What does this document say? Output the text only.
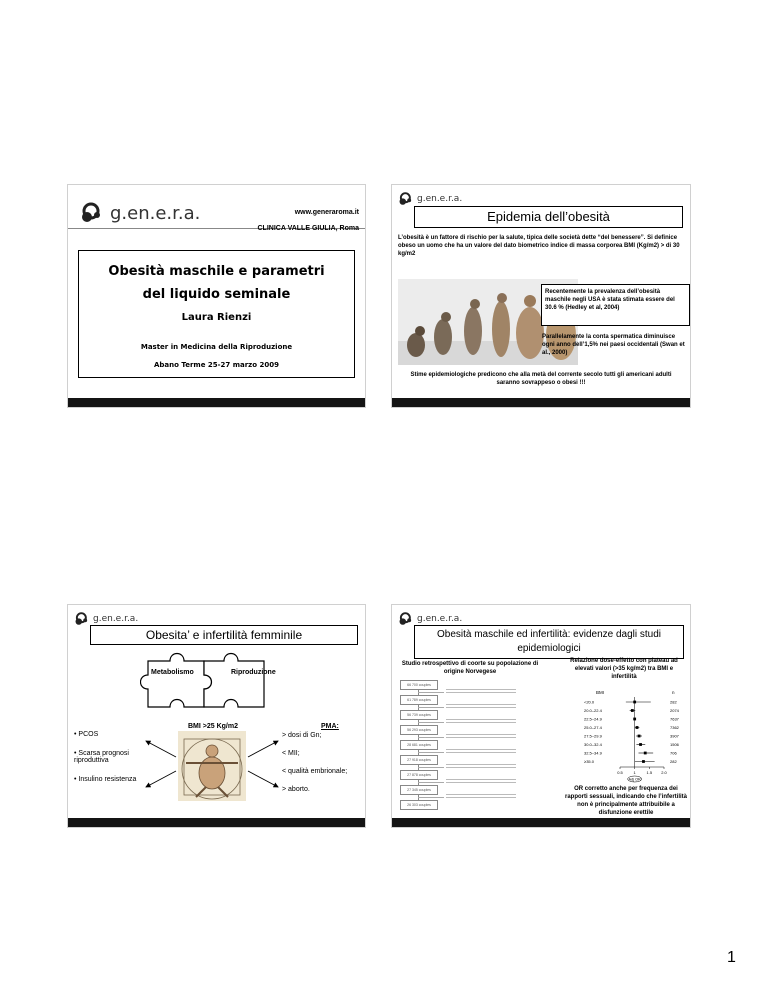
g.en.e.r.a.	www.generaroma.it
CLINICA VALLE GIULIA, Roma
Obesità maschile e parametri
del liquido seminale
Laura Rienzi
Master in Medicina della Riproduzione
Abano Terme 25-27 marzo 2009
g.en.e.r.a.
Epidemia dell’obesità
L’obesità è un fattore di rischio per la salute, tipica delle società dette “del benessere”. Si definice obeso un uomo che ha un valore del dato biometrico indice di massa corporea BMI (Kg/m2) > di 30 kg/m2
Recentemente la prevalenza dell’obesità maschile negli USA è stata stimata essere del 30.6 % (Hedley et al, 2004)
Parallelamente la conta spermatica diminuisce ogni anno dell’1,5% nei paesi occidentali (Swan et al., 2000)
Stime epidemiologiche predicono che alla metà del corrente secolo tutti gli americani adulti saranno sovrappeso o obesi !!!
g.en.e.r.a.
Obesita’ e infertilità femminile
Metabolismo	Riproduzione
BMI >25 Kg/m2
• PCOS
• Scarsa prognosi riproduttiva
• Insulino resistenza
PMA:
> dosi di Gn;
< MII;
< qualità embrionale;
> aborto.
g.en.e.r.a.
Obesità maschile ed infertilità: evidenze dagli studi epidemiologici
Studio retrospettivo di coorte su popolazione di origine Norvegese
Relazione dose-effetto con plateau ad elevati valori (>35 kg/m2) tra BMI e infertilità
66 700 couples
61 789 couples
56 739 couples
56 293 couples
28 681 couples
27 918 couples
27 878 couples
27 345 couples
26 303 couples
BMI	n
<20.0	282
20.0–22.4	2074
22.5–24.9	7637
25.0–27.4	7362
27.5–29.9	3907
30.0–32.4	1506
32.5–34.9	706
≥35.0	282
0.5	1	1.5 2.0
Adj OR
OR corretto anche per frequenza dei rapporti sessuali, indicando che l’infertilità non è principalmente attribuibile a disfunzione erettile
1
